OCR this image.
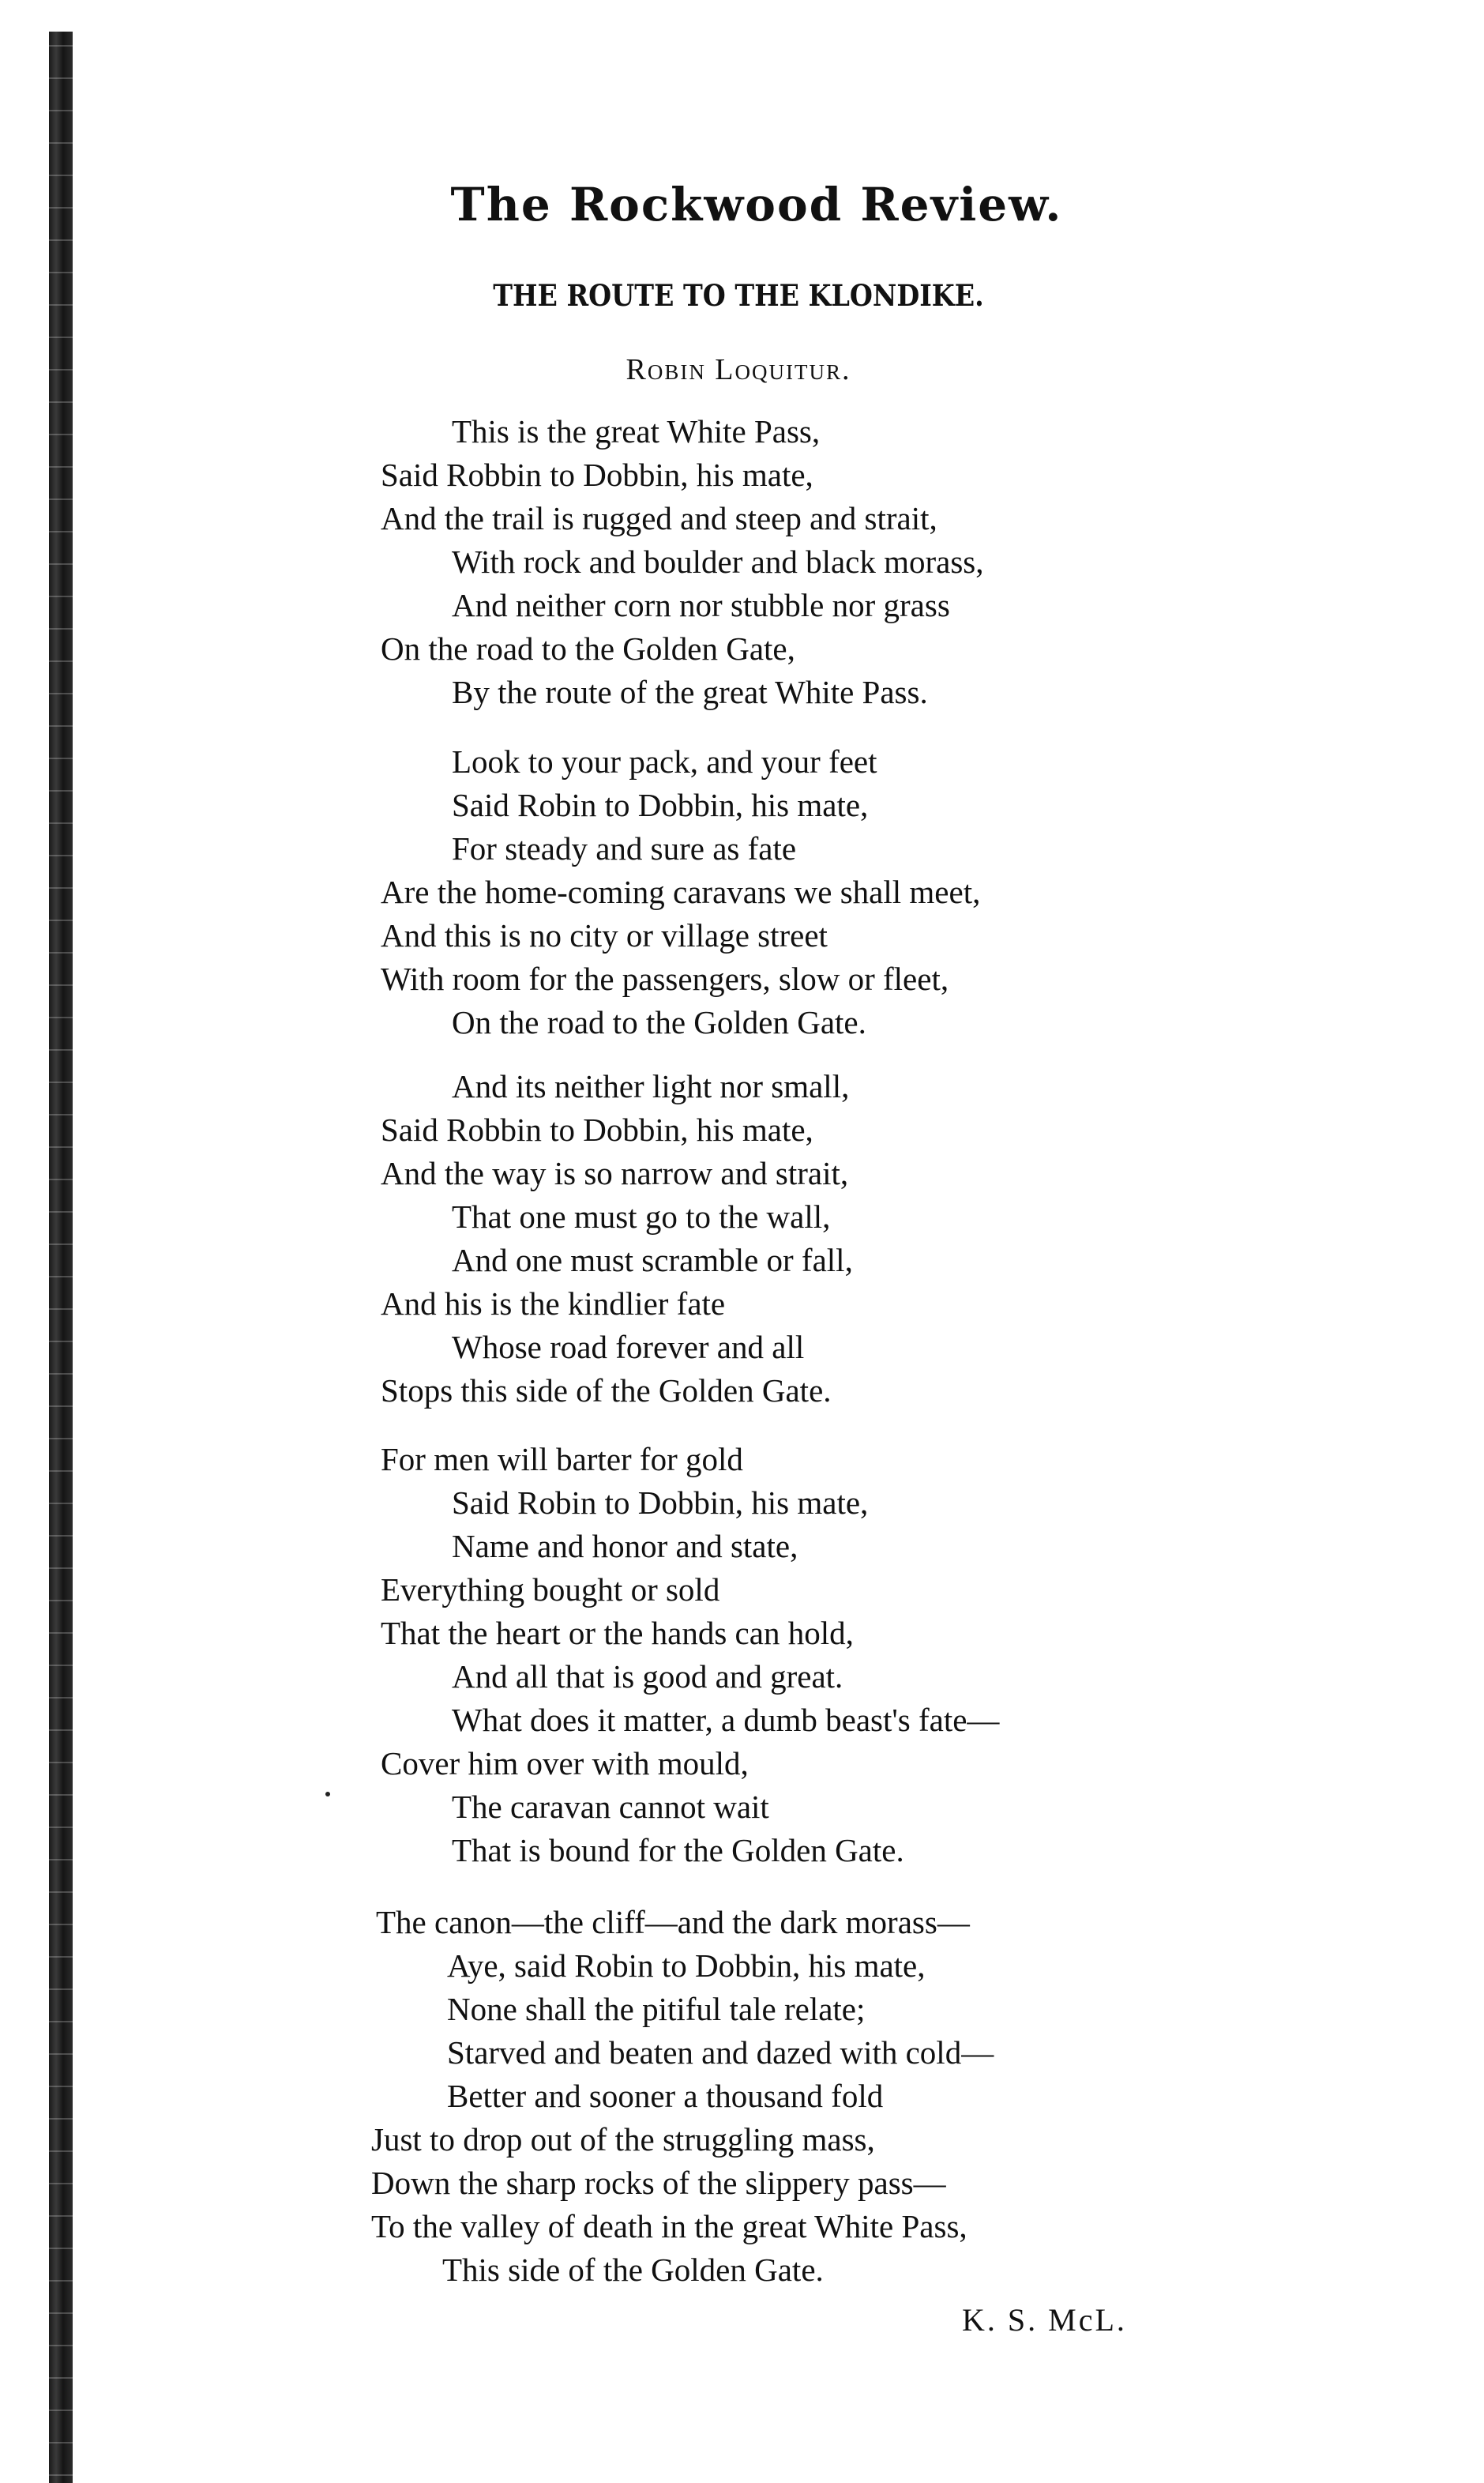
The Rockwood Review.
THE ROUTE TO THE KLONDIKE.
Robin Loquitur.
This is the great White Pass,
Said Robbin to Dobbin, his mate,
And the trail is rugged and steep and strait,
With rock and boulder and black morass,
And neither corn nor stubble nor grass
On the road to the Golden Gate,
By the route of the great White Pass.
Look to your pack, and your feet
Said Robin to Dobbin, his mate,
For steady and sure as fate
Are the home-coming caravans we shall meet,
And this is no city or village street
With room for the passengers, slow or fleet,
On the road to the Golden Gate.
And its neither light nor small,
Said Robbin to Dobbin, his mate,
And the way is so narrow and strait,
That one must go to the wall,
And one must scramble or fall,
And his is the kindlier fate
Whose road forever and all
Stops this side of the Golden Gate.
For men will barter for gold
Said Robin to Dobbin, his mate,
Name and honor and state,
Everything bought or sold
That the heart or the hands can hold,
And all that is good and great.
What does it matter, a dumb beast's fate—
Cover him over with mould,
The caravan cannot wait
That is bound for the Golden Gate.
The canon—the cliff—and the dark morass—
Aye, said Robin to Dobbin, his mate,
None shall the pitiful tale relate;
Starved and beaten and dazed with cold—
Better and sooner a thousand fold
Just to drop out of the struggling mass,
Down the sharp rocks of the slippery pass—
To the valley of death in the great White Pass,
This side of the Golden Gate.
K. S. McL.
